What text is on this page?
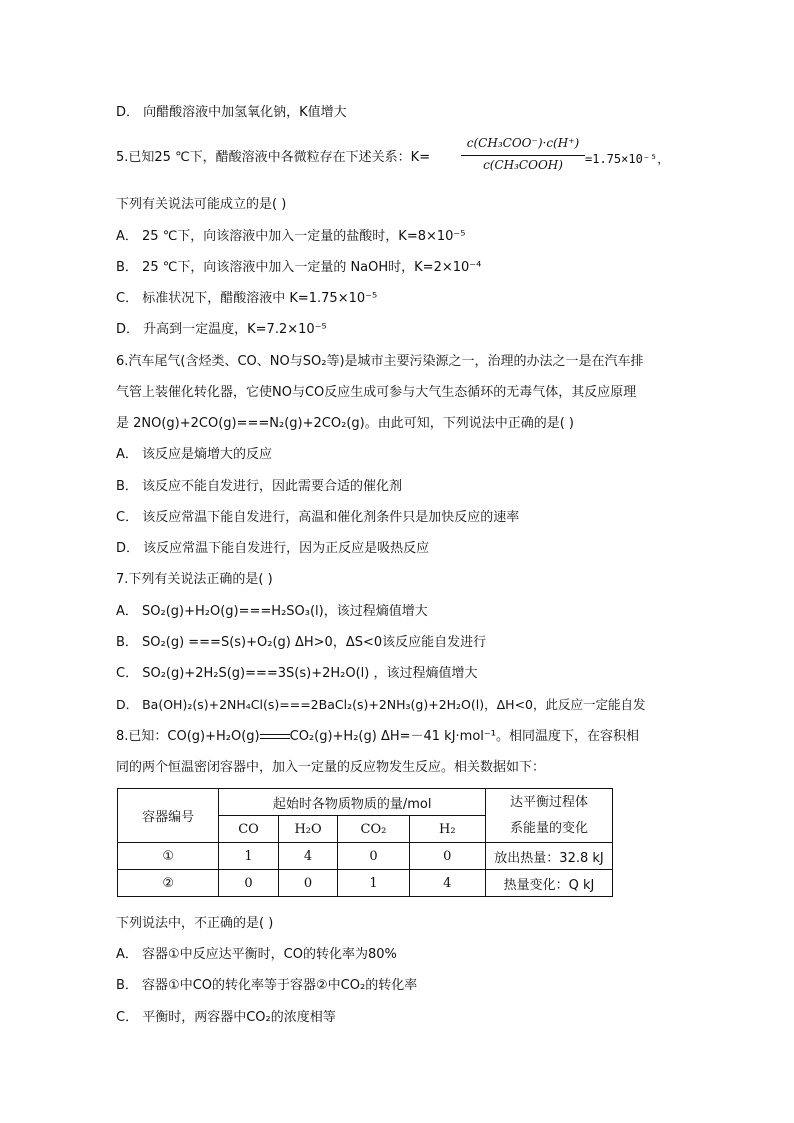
D． 向醋酸溶液中加氢氧化钠，K值增大
5.已知25 ℃下，醋酸溶液中各微粒存在下述关系：K=
c(CH₃COO⁻)·c(H⁺)
c(CH₃COOH)	=1.75×10⁻⁵，
下列有关说法可能成立的是( )
A． 25 ℃下，向该溶液中加入一定量的盐酸时，K=8×10⁻⁵
B． 25 ℃下，向该溶液中加入一定量的 NaOH时，K=2×10⁻⁴
C． 标准状况下，醋酸溶液中 K=1.75×10⁻⁵
D． 升高到一定温度，K=7.2×10⁻⁵
6.汽车尾气(含烃类、CO、NO与SO₂等)是城市主要污染源之一，治理的办法之一是在汽车排
气管上装催化转化器，它使NO与CO反应生成可参与大气生态循环的无毒气体，其反应原理
是 2NO(g)+2CO(g)===N₂(g)+2CO₂(g)。由此可知，下列说法中正确的是( )
A． 该反应是熵增大的反应
B． 该反应不能自发进行，因此需要合适的催化剂
C． 该反应常温下能自发进行，高温和催化剂条件只是加快反应的速率
D． 该反应常温下能自发进行，因为正反应是吸热反应
7.下列有关说法正确的是( )
A． SO₂(g)+H₂O(g)===H₂SO₃(l)，该过程熵值增大
B． SO₂(g) ===S(s)+O₂(g) ΔH>0，ΔS<0该反应能自发进行
C． SO₂(g)+2H₂S(g)===3S(s)+2H₂O(l) ，该过程熵值增大
D． Ba(OH)₂(s)+2NH₄Cl(s)===2BaCl₂(s)+2NH₃(g)+2H₂O(l)，ΔH<0，此反应一定能自发
8.已知：CO(g)+H₂O(g) CO₂(g)+H₂(g) ΔH=－41 kJ·mol⁻¹。相同温度下，在容积相
同的两个恒温密闭容器中，加入一定量的反应物发生反应。相关数据如下：
容器编号	起始时各物质物质的量/mol				达平衡过程体
系能量的变化

	CO	H₂O	CO₂	H₂	
①	1	4	0	0	放出热量：32.8 kJ
②	0	0	1	4	热量变化：Q kJ
下列说法中，不正确的是( )
A． 容器①中反应达平衡时，CO的转化率为80%
B． 容器①中CO的转化率等于容器②中CO₂的转化率
C． 平衡时，两容器中CO₂的浓度相等
